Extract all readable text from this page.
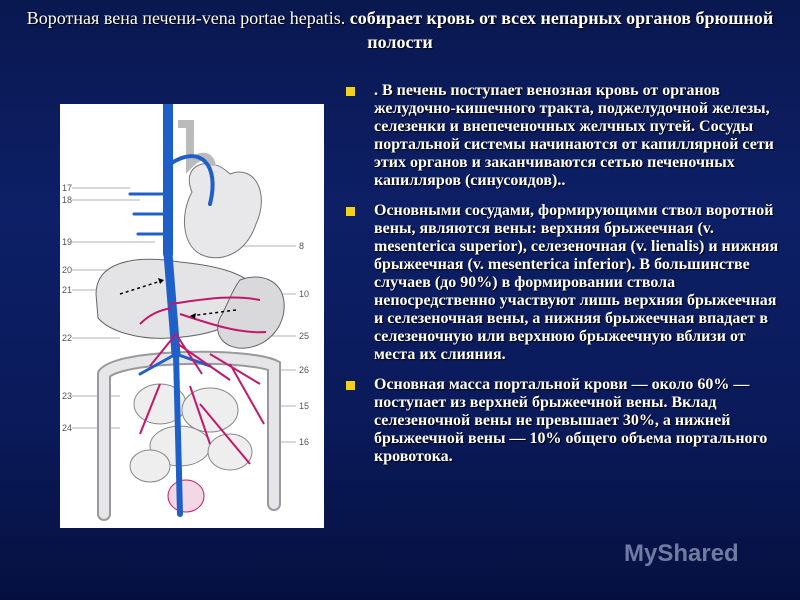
Воротная вена печени-vena portae hepatis. собирает кровь от всех непарных органов брюшной полости
17
18
19
20
21
22
23
24
8
10
25
26
15
16
. В печень поступает венозная кровь от органов желудочно-кишечного тракта, поджелудочной железы, селезенки и внепеченочных желчных путей. Сосуды портальной системы начинаются от капиллярной сети этих органов и заканчиваются сетью печеночных капилляров (синусоидов)..
Основными сосудами, формирующими ствол воротной вены, являются вены: верхняя брыжеечная (v. mesenterica superior), селезеночная (v. lienalis) и нижняя брыжеечная (v. mesenterica inferior). В большинстве случаев (до 90%) в формировании ствола непосредственно участвуют лишь верхняя брыжеечная и селезеночная вены, а нижняя брыжеечная впадает в селезеночную или верхнюю брыжеечную вблизи от места их слияния.
Основная масса портальной крови — около 60% — поступает из верхней брыжеечной вены. Вклад селезеночной вены не превышает 30%, а нижней брыжеечной вены — 10% общего объема портального кровотока.
MyShared
